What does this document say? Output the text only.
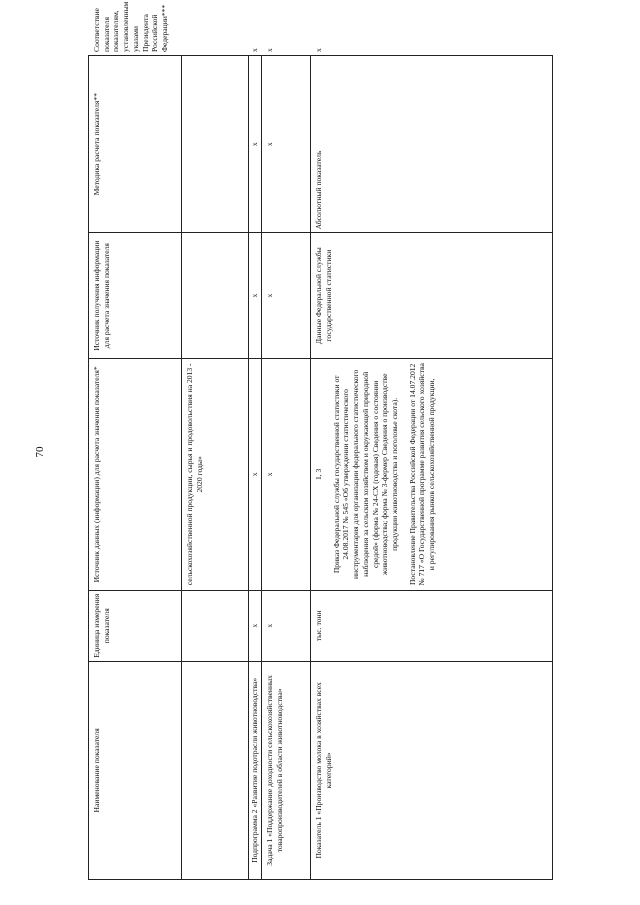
70
Наименование показателя	Единица измерения показателя	Источник данных (информации) для расчета значения показателя*	Источник получения информации для расчета значения показателя	Методика расчета показателя**	Соответствие показателя показателям, установленным указами Президента Российской Федерации***
		сельскохозяйственной продукции, сырья и продовольствия на 2013 - 2020 годы»			
Подпрограмма 2 «Развитие подотрасли животноводства»	х	х	х	х	х
Задача 1 «Поддержание доходности сельскохозяйственных товаропроизводителей в области животноводства»	х	х	х	х	х
Показатель 1 «Производство молока в хозяйствах всех категорий»	тыс. тонн	1, 3 Приказ Федеральной службы государственной статистики от 24.08.2017 № 545 «Об утверждении статистического инструментария для организации федерального статистического наблюдения за сельским хозяйством и окружающей природной средой» (форма № 24-СХ (годовая) Сведения о состоянии животноводства; форма № 3-фермер Сведения о производстве продукции животноводства и поголовье скота). Постановление Правительства Российской Федерации от 14.07.2012 № 717 «О Государственной программе развития сельского хозяйства и регулирования рынков сельскохозяйственной продукции,	Данные Федеральной службы государственной статистики	Абсолютный показатель	х
